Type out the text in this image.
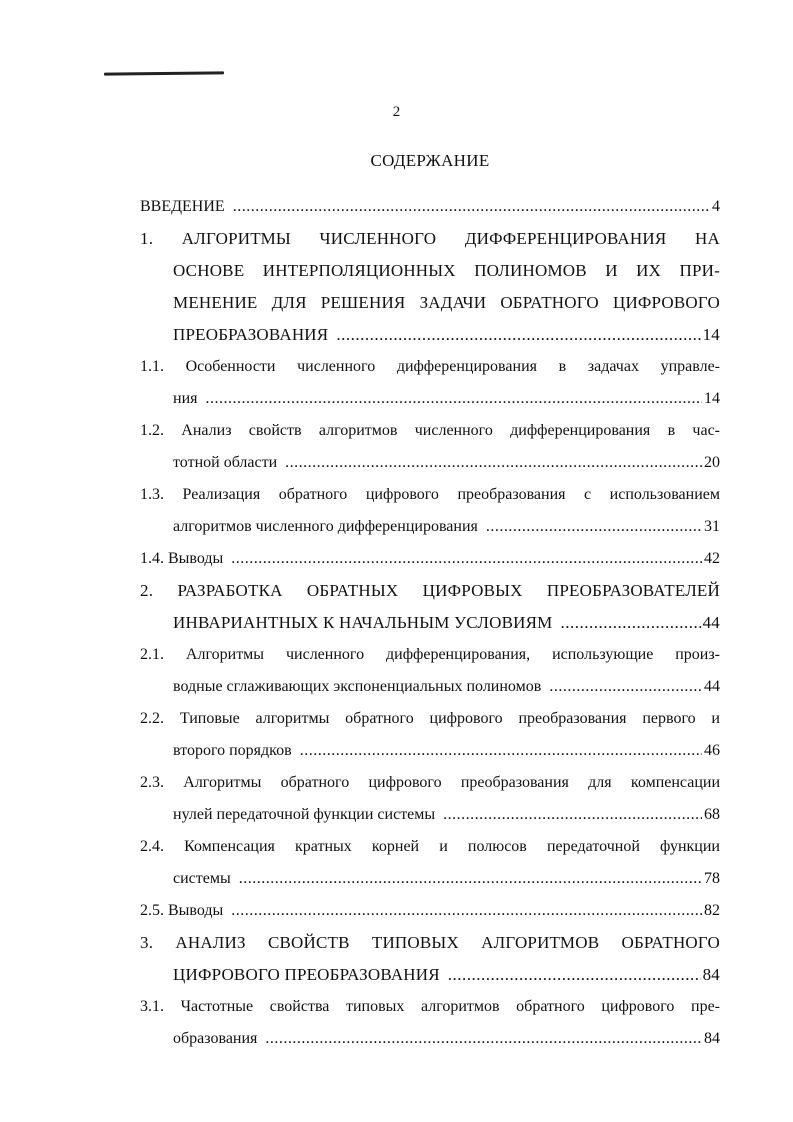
2
СОДЕРЖАНИЕ
ВВЕДЕНИЕ .....	4
1. АЛГОРИТМЫ ЧИСЛЕННОГО ДИФФЕРЕНЦИРОВАНИЯ НА
ОСНОВЕ ИНТЕРПОЛЯЦИОННЫХ ПОЛИНОМОВ И ИХ ПРИ-
МЕНЕНИЕ ДЛЯ РЕШЕНИЯ ЗАДАЧИ ОБРАТНОГО ЦИФРОВОГО
ПРЕОБРАЗОВАНИЯ .....	14
1.1. Особенности численного дифференцирования в задачах управле-
ния .....	14
1.2. Анализ свойств алгоритмов численного дифференцирования в час-
тотной области .....	20
1.3. Реализация обратного цифрового преобразования с использованием
алгоритмов численного дифференцирования .....	31
1.4. Выводы .....	42
2. РАЗРАБОТКА ОБРАТНЫХ ЦИФРОВЫХ ПРЕОБРАЗОВАТЕЛЕЙ
ИНВАРИАНТНЫХ К НАЧАЛЬНЫМ УСЛОВИЯМ .....	44
2.1. Алгоритмы численного дифференцирования, использующие произ-
водные сглаживающих экспоненциальных полиномов .....	44
2.2. Типовые алгоритмы обратного цифрового преобразования первого и
второго порядков .....	46
2.3. Алгоритмы обратного цифрового преобразования для компенсации
нулей передаточной функции системы .....	68
2.4. Компенсация кратных корней и полюсов передаточной функции
системы .....	78
2.5. Выводы .....	82
3. АНАЛИЗ СВОЙСТВ ТИПОВЫХ АЛГОРИТМОВ ОБРАТНОГО
ЦИФРОВОГО ПРЕОБРАЗОВАНИЯ .....	84
3.1. Частотные свойства типовых алгоритмов обратного цифрового пре-
образования .....	84
